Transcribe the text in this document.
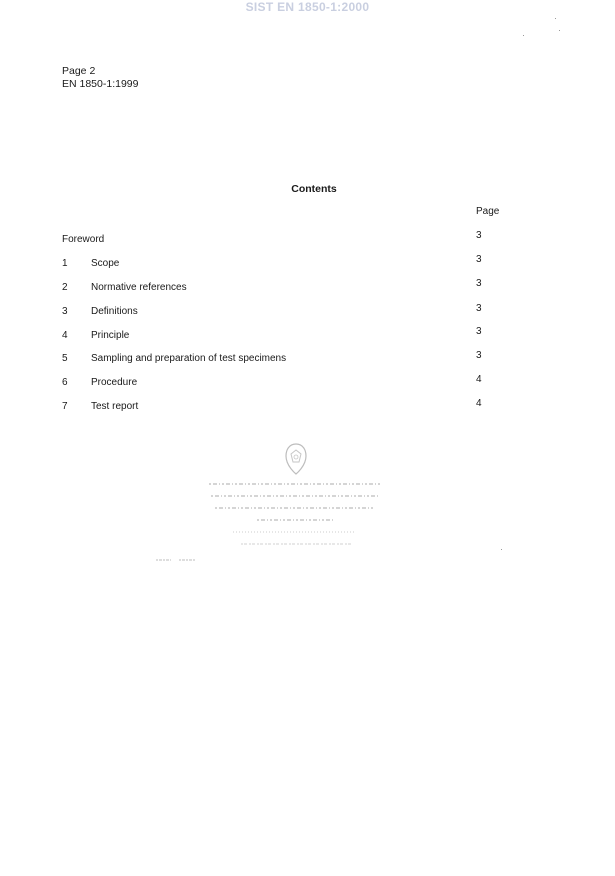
SIST EN 1850-1:2000
Page 2
EN 1850-1:1999
Contents
Page
Foreword	3
1 Scope	3
2 Normative references	3
3 Definitions	3
4 Principle	3
5 Sampling and preparation of test specimens	3
6 Procedure	4
7 Test report	4
